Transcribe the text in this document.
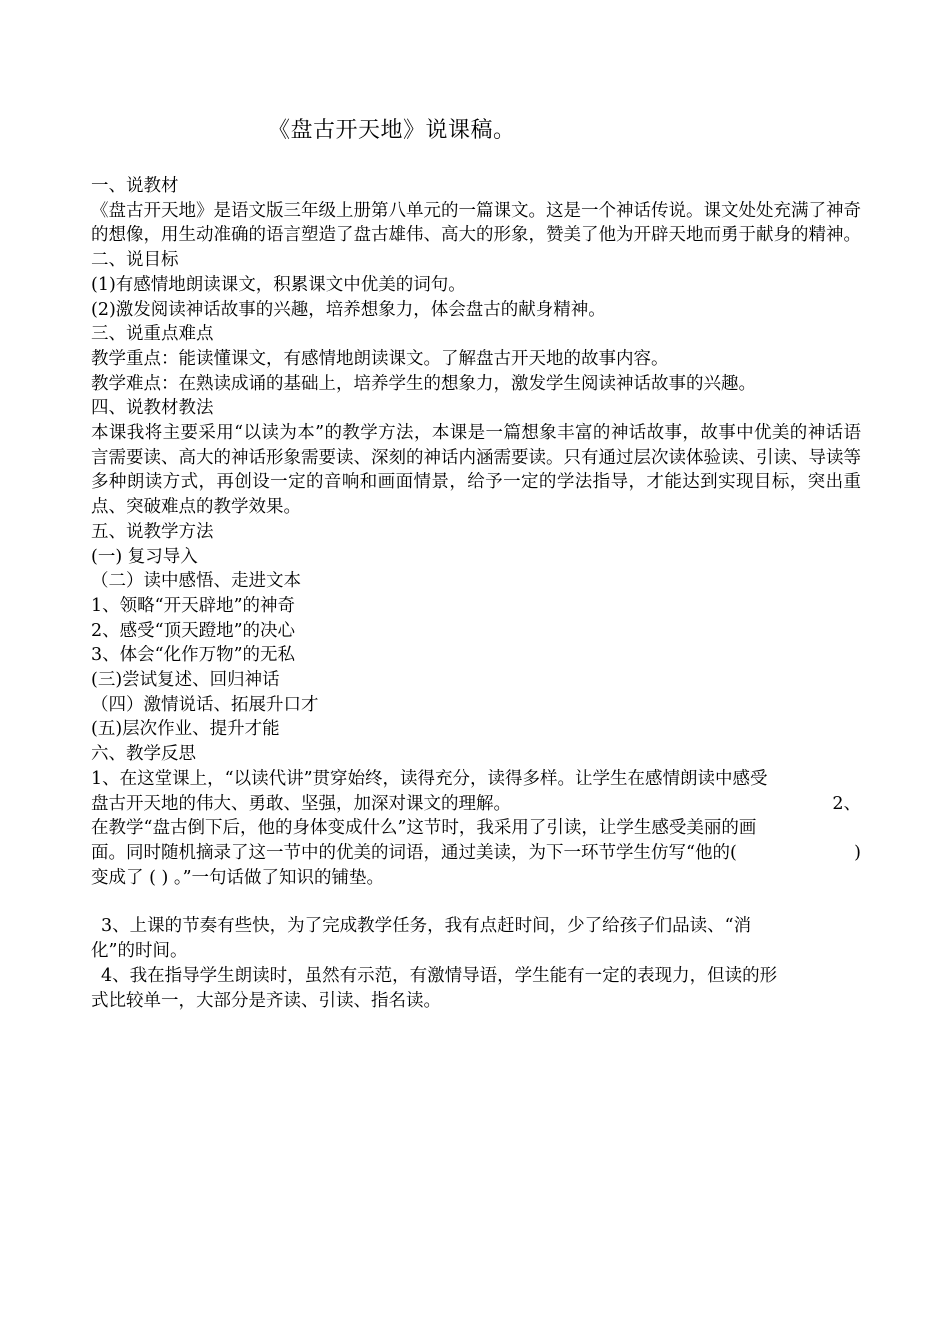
《盘古开天地》说课稿。
一、说教材
《盘古开天地》是语文版三年级上册第八单元的一篇课文。这是一个神话传说。课文处处充满了神奇的想像，用生动准确的语言塑造了盘古雄伟、高大的形象，赞美了他为开辟天地而勇于献身的精神。
二、说目标
(1)有感情地朗读课文，积累课文中优美的词句。
(2)激发阅读神话故事的兴趣，培养想象力，体会盘古的献身精神。
三、说重点难点
教学重点：能读懂课文，有感情地朗读课文。了解盘古开天地的故事内容。
教学难点：在熟读成诵的基础上，培养学生的想象力，激发学生阅读神话故事的兴趣。
四、说教材教法
本课我将主要采用“以读为本”的教学方法，本课是一篇想象丰富的神话故事，故事中优美的神话语言需要读、高大的神话形象需要读、深刻的神话内涵需要读。只有通过层次读体验读、引读、导读等多种朗读方式，再创设一定的音响和画面情景，给予一定的学法指导，才能达到实现目标，突出重点、突破难点的教学效果。
五、说教学方法
(一) 复习导入
（二）读中感悟、走进文本
1、领略“开天辟地”的神奇
2、感受“顶天蹬地”的决心
3、体会“化作万物”的无私
(三)尝试复述、回归神话
（四）激情说话、拓展升口才
(五)层次作业、提升才能
六、教学反思
1、在这堂课上，“以读代讲”贯穿始终，读得充分，读得多样。让学生在感情朗读中感受
盘古开天地的伟大、勇敢、坚强，加深对课文的理解。	2、
在教学“盘古倒下后，他的身体变成什么”这节时，我采用了引读，让学生感受美丽的画
面。同时随机摘录了这一节中的优美的词语，通过美读，为下一环节学生仿写“他的(	)
变成了 ( ) 。”一句话做了知识的铺垫。
3、上课的节奏有些快，为了完成教学任务，我有点赶时间，少了给孩子们品读、“消
化”的时间。
4、我在指导学生朗读时，虽然有示范，有激情导语，学生能有一定的表现力，但读的形
式比较单一，大部分是齐读、引读、指名读。
